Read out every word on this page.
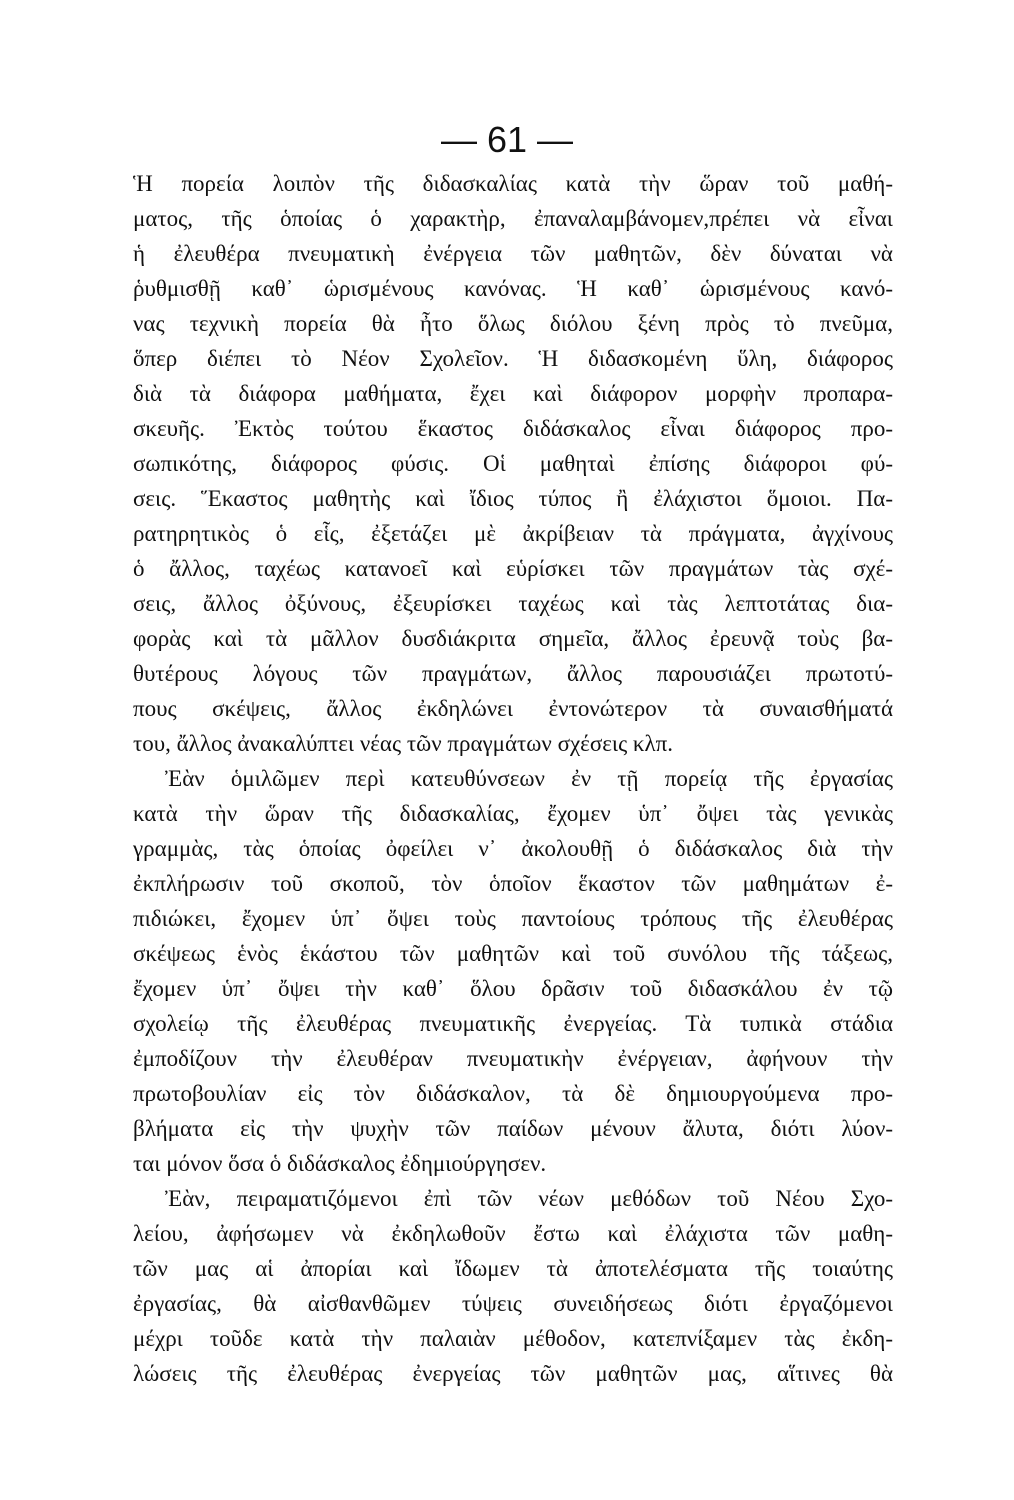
— 61 —
Ἡ πορεία λοιπὸν τῆς διδασκαλίας κατὰ τὴν ὥραν τοῦ μαθή-
ματος, τῆς ὁποίας ὁ χαρακτὴρ, ἐπαναλαμβάνομεν,πρέπει νὰ εἶναι
ἡ ἐλευθέρα πνευματικὴ ἐνέργεια τῶν μαθητῶν, δὲν δύναται νὰ
ῥυθμισθῇ καθ᾽ ὡρισμένους κανόνας. Ἡ καθ᾽ ὡρισμένους κανό-
νας τεχνικὴ πορεία θὰ ἦτο ὅλως διόλου ξένη πρὸς τὸ πνεῦμα,
ὅπερ διέπει τὸ Νέον Σχολεῖον. Ἡ διδασκομένη ὕλη, διάφορος
διὰ τὰ διάφορα μαθήματα, ἔχει καὶ διάφορον μορφὴν προπαρα-
σκευῆς. Ἐκτὸς τούτου ἕκαστος διδάσκαλος εἶναι διάφορος προ-
σωπικότης, διάφορος φύσις. Οἱ μαθηταὶ ἐπίσης διάφοροι φύ-
σεις. Ἕκαστος μαθητὴς καὶ ἴδιος τύπος ἢ ἐλάχιστοι ὅμοιοι. Πα-
ρατηρητικὸς ὁ εἷς, ἐξετάζει μὲ ἀκρίβειαν τὰ πράγματα, ἀγχίνους
ὁ ἄλλος, ταχέως κατανοεῖ καὶ εὑρίσκει τῶν πραγμάτων τὰς σχέ-
σεις, ἄλλος ὀξύνους, ἐξευρίσκει ταχέως καὶ τὰς λεπτοτάτας δια-
φορὰς καὶ τὰ μᾶλλον δυσδιάκριτα σημεῖα, ἄλλος ἐρευνᾷ τοὺς βα-
θυτέρους λόγους τῶν πραγμάτων, ἄλλος παρουσιάζει πρωτοτύ-
πους σκέψεις, ἄλλος ἐκδηλώνει ἐντονώτερον τὰ συναισθήματά
του, ἄλλος ἀνακαλύπτει νέας τῶν πραγμάτων σχέσεις κλπ.
Ἐὰν ὁμιλῶμεν περὶ κατευθύνσεων ἐν τῇ πορείᾳ τῆς ἐργασίας
κατὰ τὴν ὥραν τῆς διδασκαλίας, ἔχομεν ὑπ᾽ ὄψει τὰς γενικὰς
γραμμὰς, τὰς ὁποίας ὀφείλει ν᾽ ἀκολουθῇ ὁ διδάσκαλος διὰ τὴν
ἐκπλήρωσιν τοῦ σκοποῦ, τὸν ὁποῖον ἕκαστον τῶν μαθημάτων ἐ-
πιδιώκει, ἔχομεν ὑπ᾽ ὄψει τοὺς παντοίους τρόπους τῆς ἐλευθέρας
σκέψεως ἑνὸς ἑκάστου τῶν μαθητῶν καὶ τοῦ συνόλου τῆς τάξεως,
ἔχομεν ὑπ᾽ ὄψει τὴν καθ᾽ ὅλου δρᾶσιν τοῦ διδασκάλου ἐν τῷ
σχολείῳ τῆς ἐλευθέρας πνευματικῆς ἐνεργείας. Τὰ τυπικὰ στάδια
ἐμποδίζουν τὴν ἐλευθέραν πνευματικὴν ἐνέργειαν, ἀφήνουν τὴν
πρωτοβουλίαν εἰς τὸν διδάσκαλον, τὰ δὲ δημιουργούμενα προ-
βλήματα εἰς τὴν ψυχὴν τῶν παίδων μένουν ἄλυτα, διότι λύον-
ται μόνον ὅσα ὁ διδάσκαλος ἐδημιούργησεν.
Ἐὰν, πειραματιζόμενοι ἐπὶ τῶν νέων μεθόδων τοῦ Νέου Σχο-
λείου, ἀφήσωμεν νὰ ἐκδηλωθοῦν ἔστω καὶ ἐλάχιστα τῶν μαθη-
τῶν μας αἱ ἀπορίαι καὶ ἴδωμεν τὰ ἀποτελέσματα τῆς τοιαύτης
ἐργασίας, θὰ αἰσθανθῶμεν τύψεις συνειδήσεως διότι ἐργαζόμενοι
μέχρι τοῦδε κατὰ τὴν παλαιὰν μέθοδον, κατεπνίξαμεν τὰς ἐκδη-
λώσεις τῆς ἐλευθέρας ἐνεργείας τῶν μαθητῶν μας, αἵτινες θὰ
